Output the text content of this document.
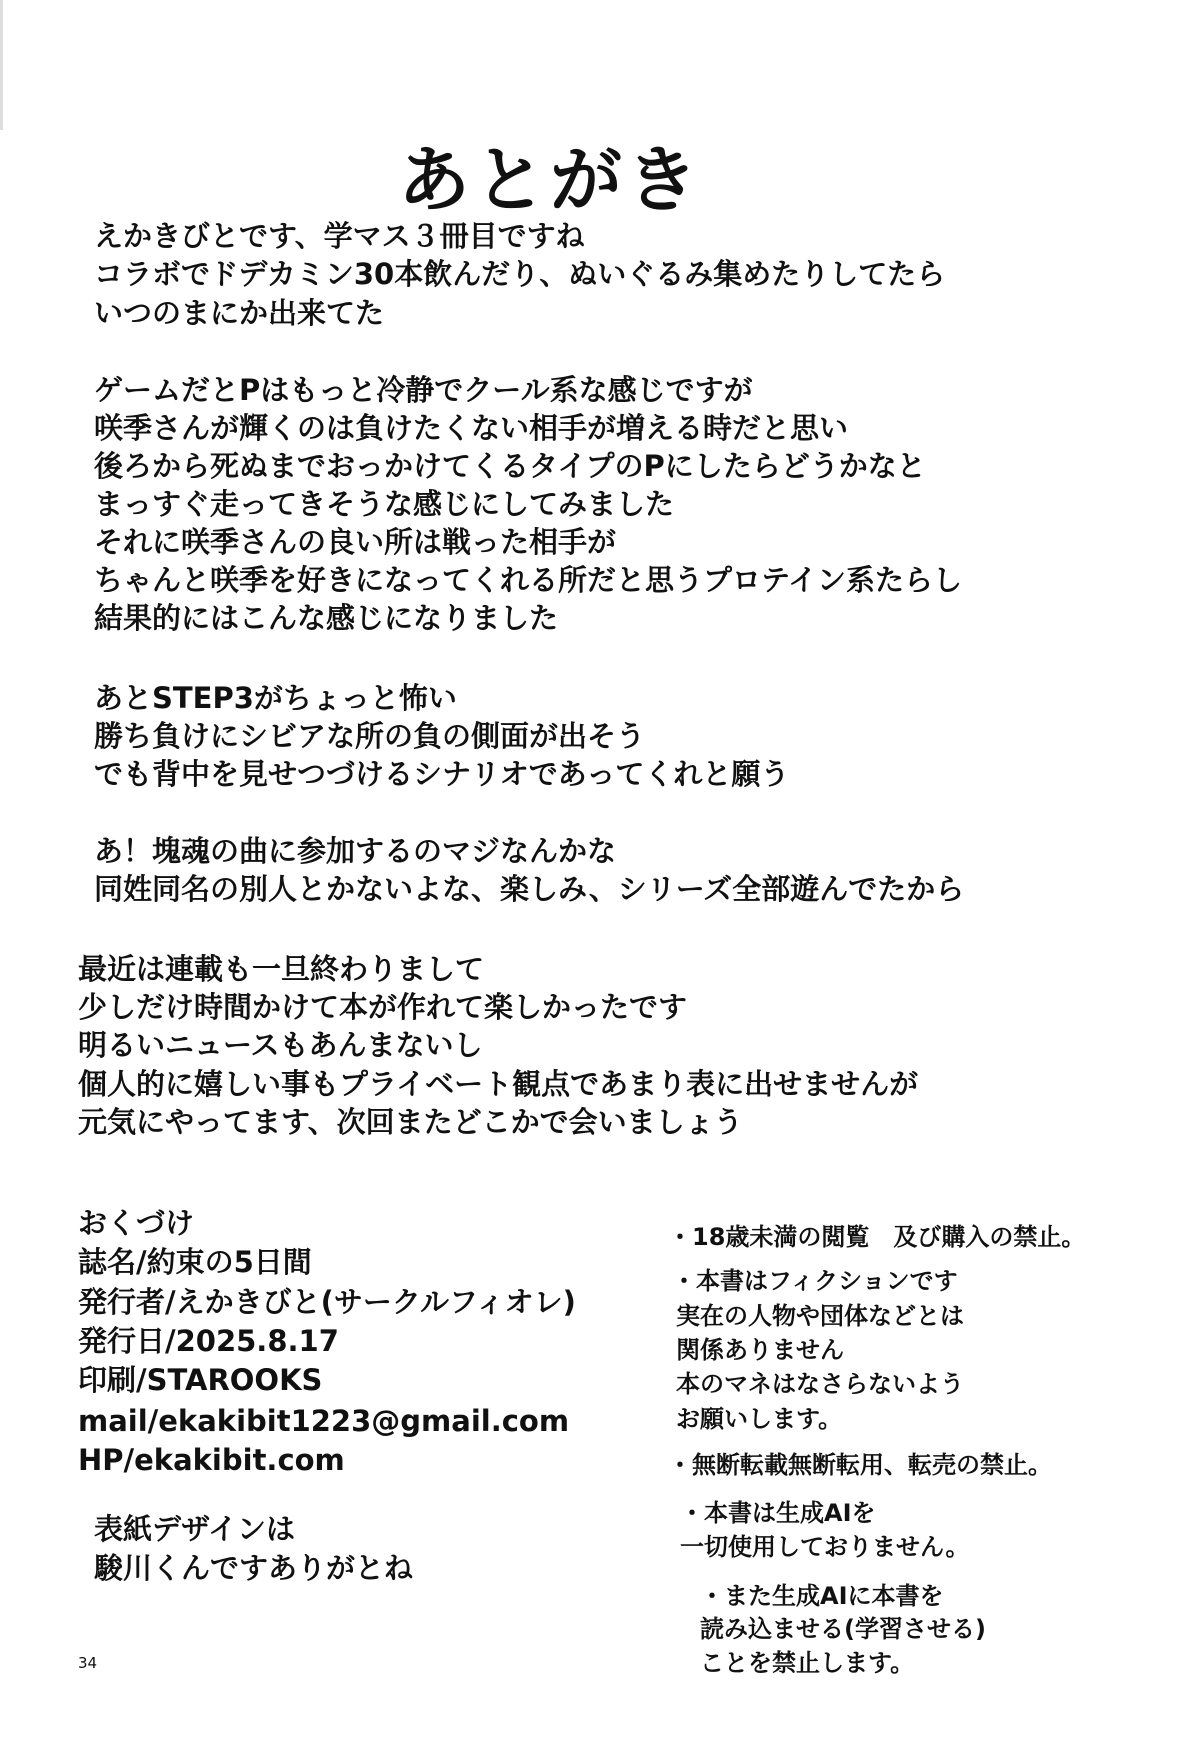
あとがき
えかきびとです、学マス３冊目ですね
コラボでドデカミン30本飲んだり、ぬいぐるみ集めたりしてたら
いつのまにか出来てた
ゲームだとPはもっと冷静でクール系な感じですが
咲季さんが輝くのは負けたくない相手が増える時だと思い
後ろから死ぬまでおっかけてくるタイプのPにしたらどうかなと
まっすぐ走ってきそうな感じにしてみました
それに咲季さんの良い所は戦った相手が
ちゃんと咲季を好きになってくれる所だと思うプロテイン系たらし
結果的にはこんな感じになりました
あとSTEP3がちょっと怖い
勝ち負けにシビアな所の負の側面が出そう
でも背中を見せつづけるシナリオであってくれと願う
あ！塊魂の曲に参加するのマジなんかな
同姓同名の別人とかないよな、楽しみ、シリーズ全部遊んでたから
最近は連載も一旦終わりまして
少しだけ時間かけて本が作れて楽しかったです
明るいニュースもあんまないし
個人的に嬉しい事もプライベート観点であまり表に出せませんが
元気にやってます、次回またどこかで会いましょう
おくづけ
誌名/約束の5日間
発行者/えかきびと(サークルフィオレ)
発行日/2025.8.17
印刷/STAROOKS
mail/ekakibit1223@gmail.com
HP/ekakibit.com
表紙デザインは
駿川くんですありがとね
・18歳未満の閲覧　及び購入の禁止。
・本書はフィクションです
実在の人物や団体などとは
関係ありません
本のマネはなさらないよう
お願いします。
・無断転載無断転用、転売の禁止。
・本書は生成AIを
一切使用しておりません。
・また生成AIに本書を
読み込ませる(学習させる)
ことを禁止します。
34
